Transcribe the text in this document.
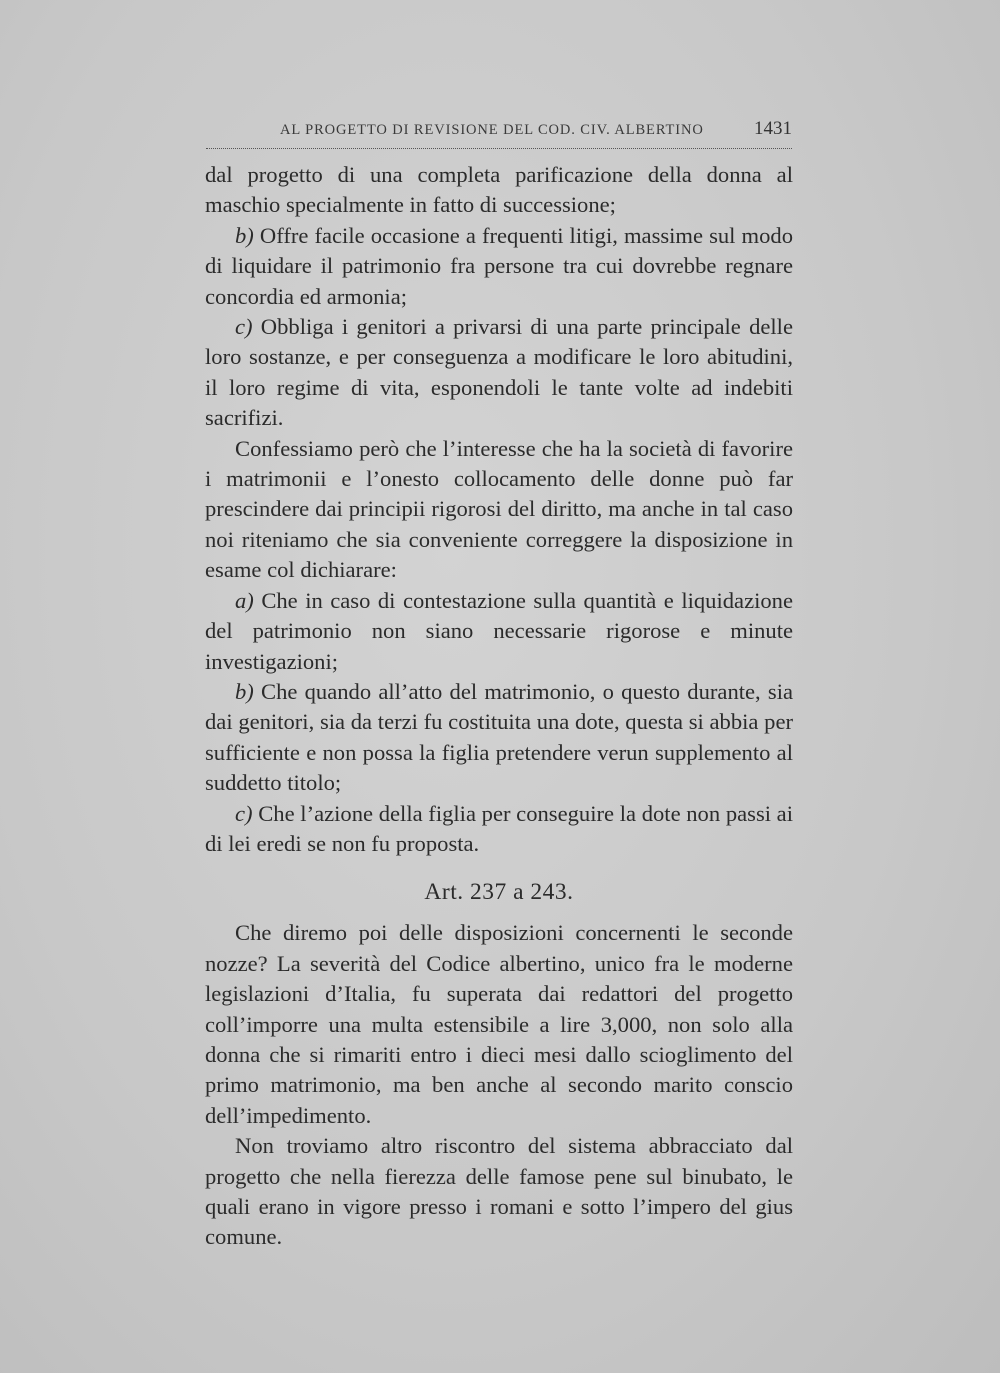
AL PROGETTO DI REVISIONE DEL COD. CIV. ALBERTINO	1431

dal progetto di una completa parificazione della donna al maschio specialmente in fatto di successione;

b) Offre facile occasione a frequenti litigi, massime sul modo di liquidare il patrimonio fra persone tra cui dovrebbe regnare concordia ed armonia;

c) Obbliga i genitori a privarsi di una parte principale delle loro sostanze, e per conseguenza a modificare le loro abitudini, il loro regime di vita, esponendoli le tante volte ad indebiti sacrifizi.

Confessiamo però che l’interesse che ha la società di favorire i matrimonii e l’onesto collocamento delle donne può far prescindere dai principii rigorosi del diritto, ma anche in tal caso noi riteniamo che sia conveniente correggere la disposizione in esame col dichiarare:

a) Che in caso di contestazione sulla quantità e liquidazione del patrimonio non siano necessarie rigorose e minute investigazioni;

b) Che quando all’atto del matrimonio, o questo durante, sia dai genitori, sia da terzi fu costituita una dote, questa si abbia per sufficiente e non possa la figlia pretendere verun supplemento al suddetto titolo;

c) Che l’azione della figlia per conseguire la dote non passi ai di lei eredi se non fu proposta.

Art. 237 a 243.

Che diremo poi delle disposizioni concernenti le seconde nozze? La severità del Codice albertino, unico fra le moderne legislazioni d’Italia, fu superata dai redattori del progetto coll’imporre una multa estensibile a lire 3,000, non solo alla donna che si rimariti entro i dieci mesi dallo scioglimento del primo matrimonio, ma ben anche al secondo marito conscio dell’impedimento.

Non troviamo altro riscontro del sistema abbracciato dal progetto che nella fierezza delle famose pene sul binubato, le quali erano in vigore presso i romani e sotto l’impero del gius comune.
